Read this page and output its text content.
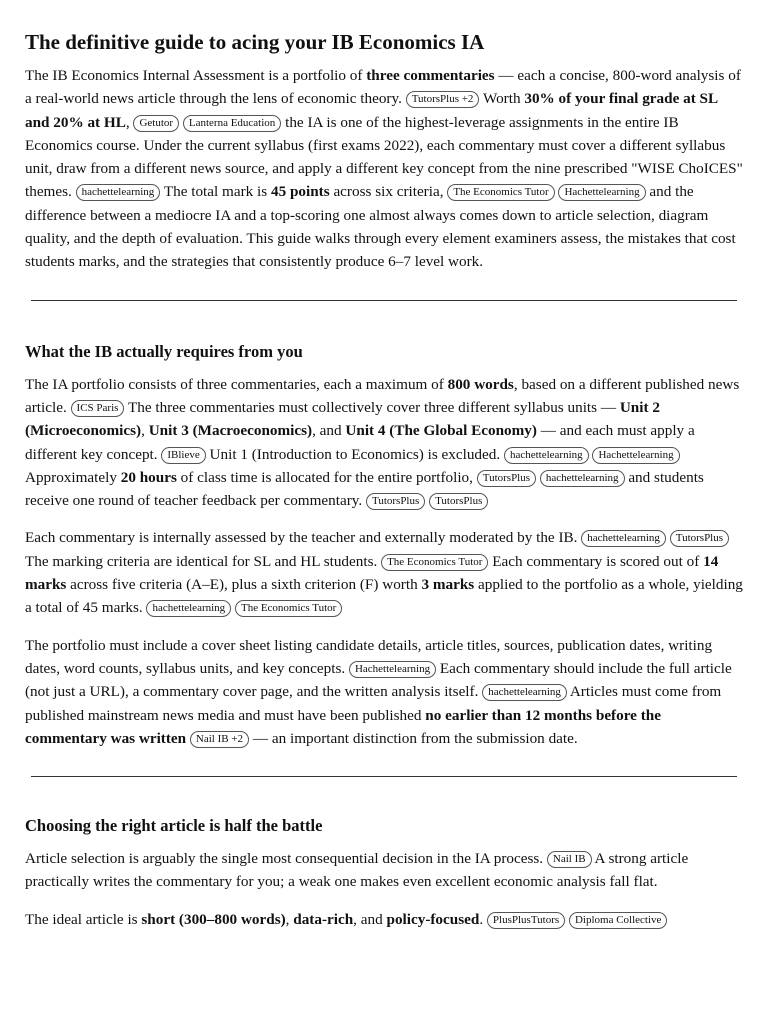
The definitive guide to acing your IB Economics IA

The IB Economics Internal Assessment is a portfolio of three commentaries — each a concise, 800-word analysis of a real-world news article through the lens of economic theory. TutorsPlus +2 Worth 30% of your final grade at SL and 20% at HL, Getutor Lanterna Education the IA is one of the highest-leverage assignments in the entire IB Economics course. Under the current syllabus (first exams 2022), each commentary must cover a different syllabus unit, draw from a different news source, and apply a different key concept from the nine prescribed "WISE ChoICES" themes. hachettelearning The total mark is 45 points across six criteria, The Economics Tutor Hachettelearning and the difference between a mediocre IA and a top-scoring one almost always comes down to article selection, diagram quality, and the depth of evaluation. This guide walks through every element examiners assess, the mistakes that cost students marks, and the strategies that consistently produce 6–7 level work.

What the IB actually requires from you

The IA portfolio consists of three commentaries, each a maximum of 800 words, based on a different published news article. ICS Paris The three commentaries must collectively cover three different syllabus units — Unit 2 (Microeconomics), Unit 3 (Macroeconomics), and Unit 4 (The Global Economy) — and each must apply a different key concept. IBlieve Unit 1 (Introduction to Economics) is excluded. hachettelearning Hachettelearning Approximately 20 hours of class time is allocated for the entire portfolio, TutorsPlus hachettelearning and students receive one round of teacher feedback per commentary. TutorsPlus TutorsPlus

Each commentary is internally assessed by the teacher and externally moderated by the IB. hachettelearning TutorsPlus The marking criteria are identical for SL and HL students. The Economics Tutor Each commentary is scored out of 14 marks across five criteria (A–E), plus a sixth criterion (F) worth 3 marks applied to the portfolio as a whole, yielding a total of 45 marks. hachettelearning The Economics Tutor

The portfolio must include a cover sheet listing candidate details, article titles, sources, publication dates, writing dates, word counts, syllabus units, and key concepts. Hachettelearning Each commentary should include the full article (not just a URL), a commentary cover page, and the written analysis itself. hachettelearning Articles must come from published mainstream news media and must have been published no earlier than 12 months before the commentary was written Nail IB +2 — an important distinction from the submission date.

Choosing the right article is half the battle

Article selection is arguably the single most consequential decision in the IA process. Nail IB A strong article practically writes the commentary for you; a weak one makes even excellent economic analysis fall flat.

The ideal article is short (300–800 words), data-rich, and policy-focused. PlusPlusTutors Diploma Collective
